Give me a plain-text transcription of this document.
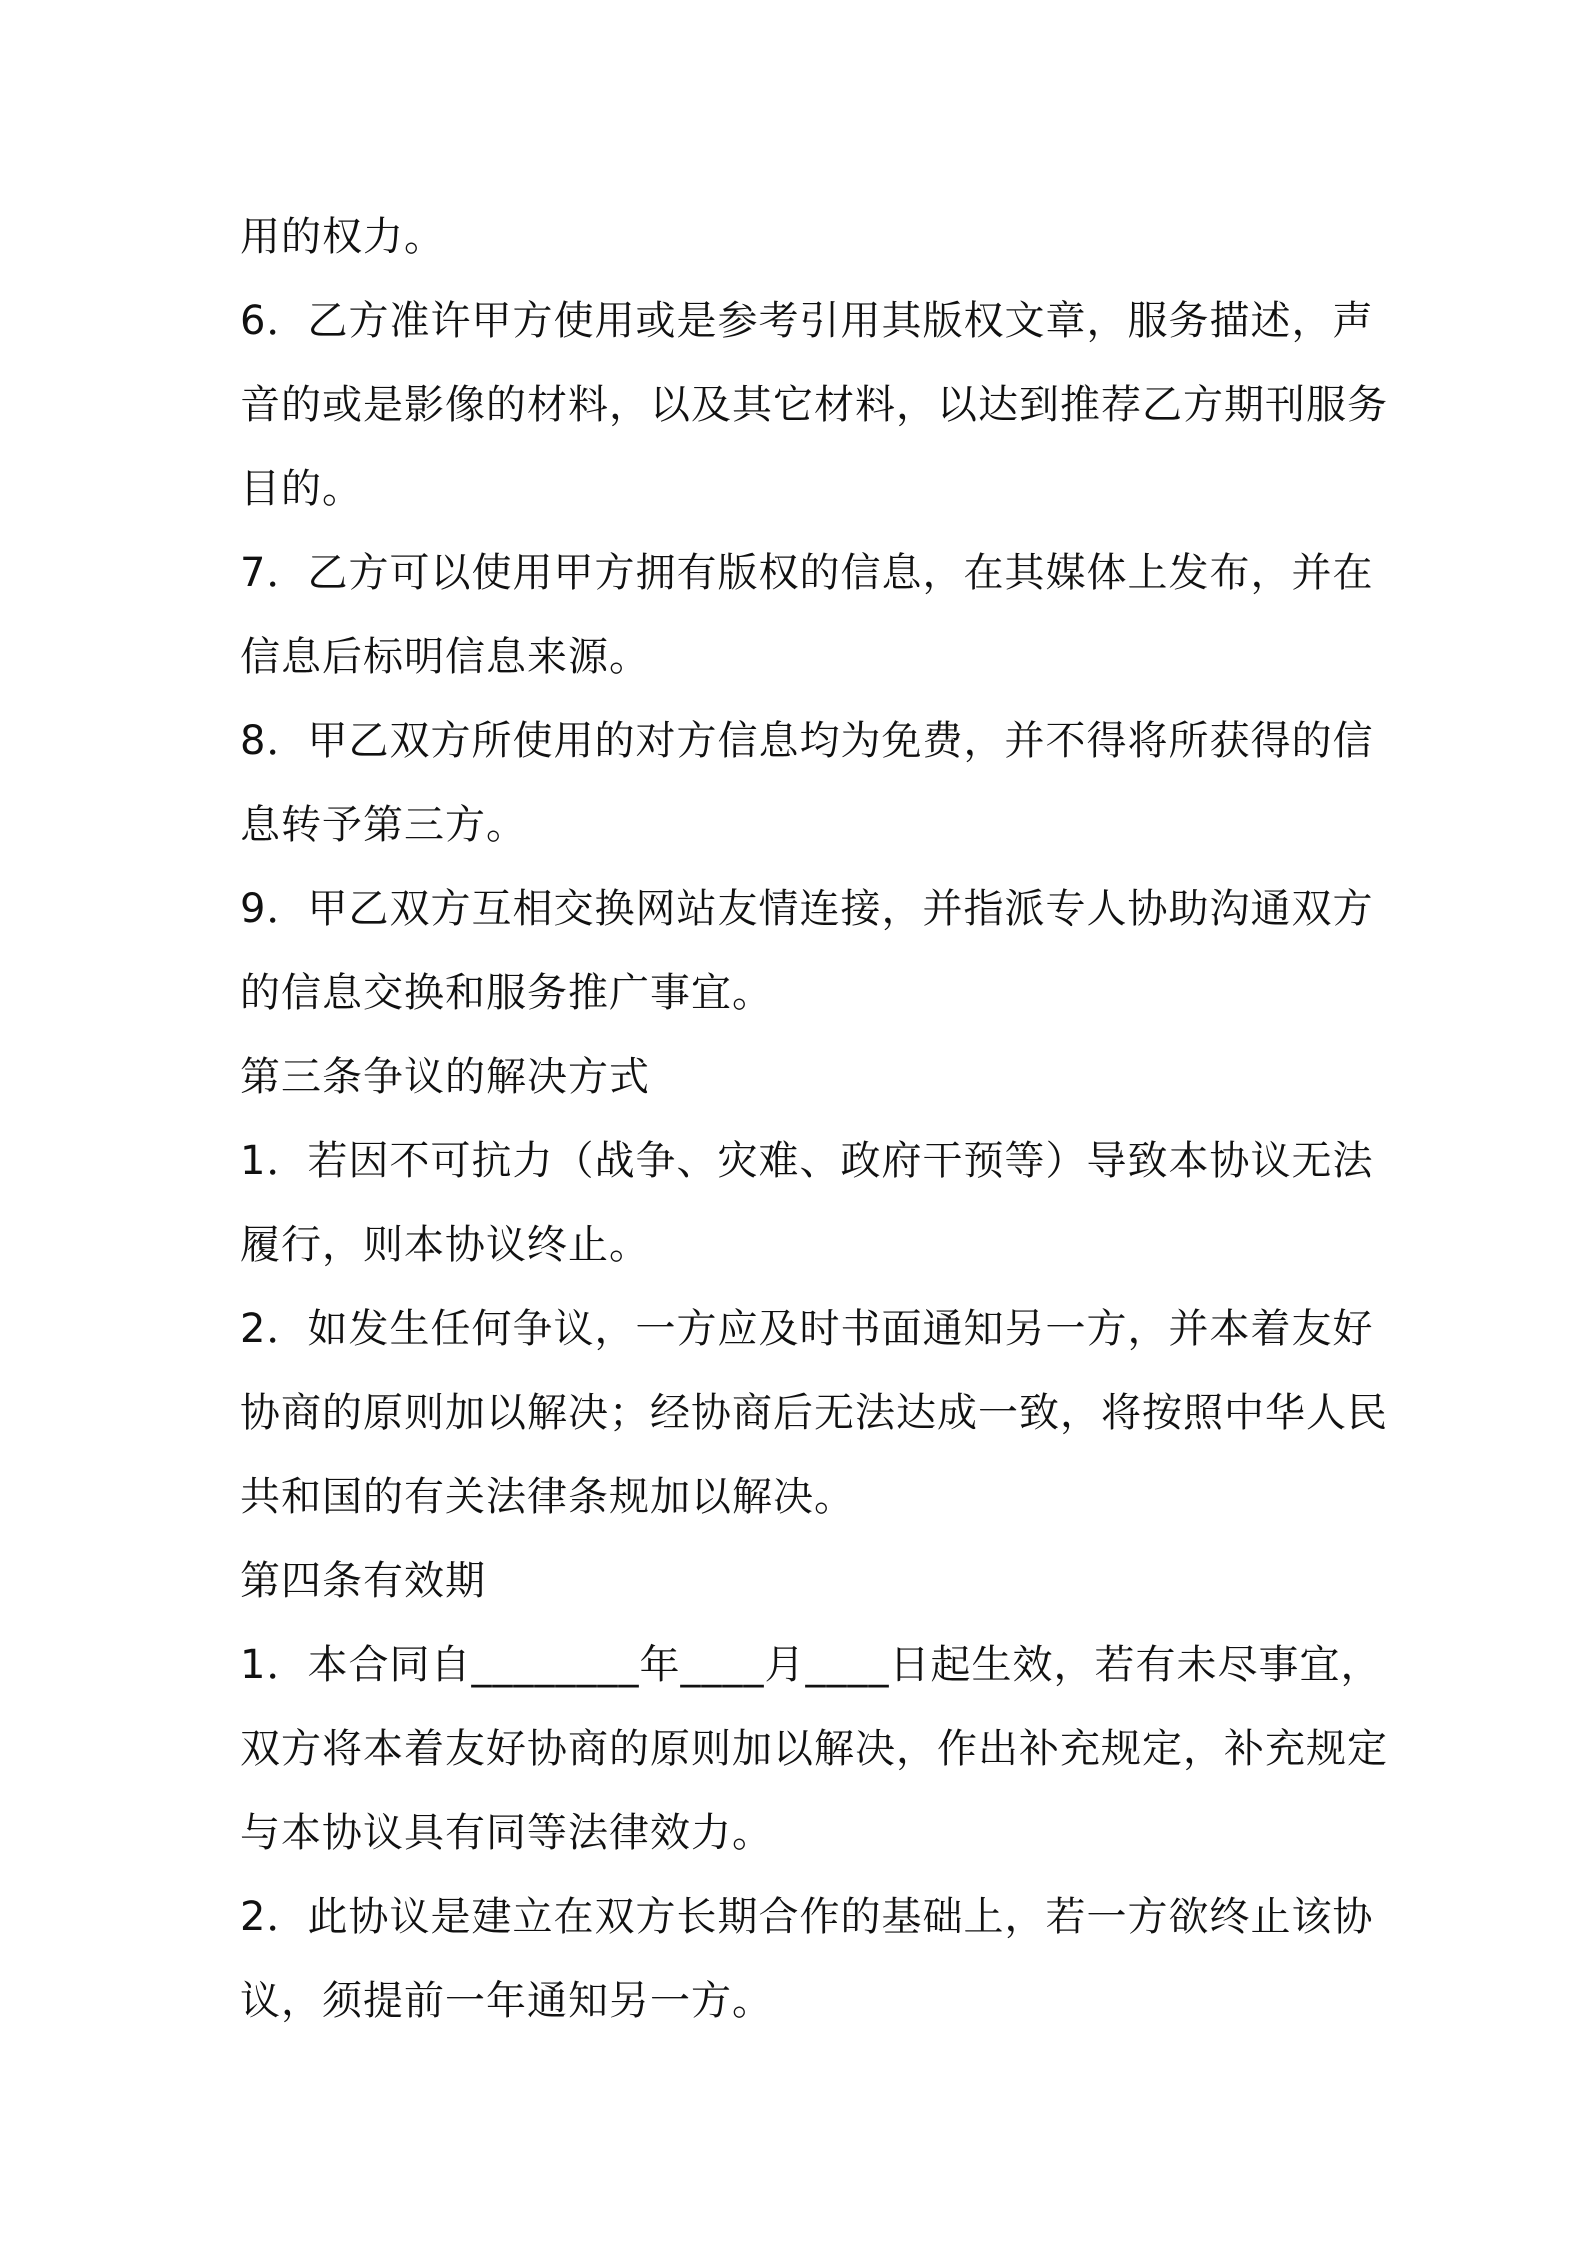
用的权力。
6．乙方准许甲方使用或是参考引用其版权文章，服务描述，声
音的或是影像的材料，以及其它材料，以达到推荐乙方期刊服务
目的。
7．乙方可以使用甲方拥有版权的信息，在其媒体上发布，并在
信息后标明信息来源。
8．甲乙双方所使用的对方信息均为免费，并不得将所获得的信
息转予第三方。
9．甲乙双方互相交换网站友情连接，并指派专人协助沟通双方
的信息交换和服务推广事宜。
第三条争议的解决方式
1．若因不可抗力（战争、灾难、政府干预等）导致本协议无法
履行，则本协议终止。
2．如发生任何争议，一方应及时书面通知另一方，并本着友好
协商的原则加以解决；经协商后无法达成一致，将按照中华人民
共和国的有关法律条规加以解决。
第四条有效期
1．本合同自________年____月____日起生效，若有未尽事宜，
双方将本着友好协商的原则加以解决，作出补充规定，补充规定
与本协议具有同等法律效力。
2．此协议是建立在双方长期合作的基础上，若一方欲终止该协
议，须提前一年通知另一方。
